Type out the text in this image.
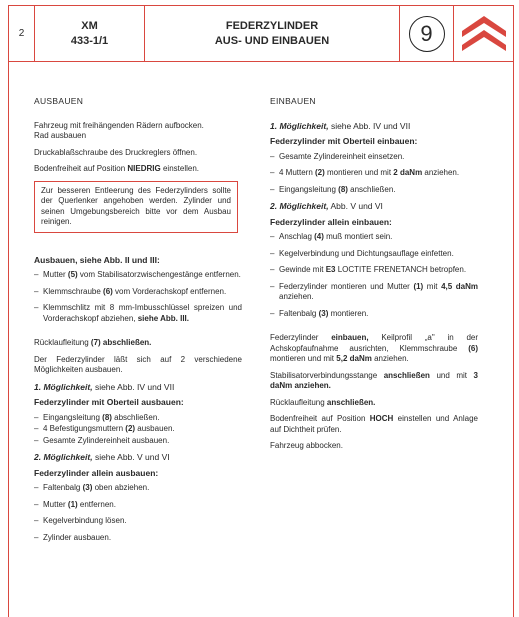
2
XM
433-1/1
FEDERZYLINDER
AUS- UND EINBAUEN	9
AUSBAUEN

Fahrzeug mit freihängenden Rädern aufbocken.
Rad ausbauen

Druckablaßschraube des Druckreglers öffnen.

Bodenfreiheit auf Position NIEDRIG einstellen.

Zur besseren Entleerung des Federzylinders sollte der Querlenker angehoben werden. Zylinder und seinen Umgebungsbereich bitte vor dem Ausbau reinigen.
Ausbauen, siehe Abb. II und III:
– Mutter (5) vom Stabilisatorzwischengestänge entfernen.
– Klemmschraube (6) vom Vorderachskopf entfernen.
– Klemmschlitz mit 8 mm-Imbusschlüssel spreizen und Vorderachskopf abziehen, siehe Abb. III.

Rücklaufleitung (7) abschließen.

Der Federzylinder läßt sich auf 2 verschiedene Möglichkeiten ausbauen.

1. Möglichkeit, siehe Abb. IV und VII
Federzylinder mit Oberteil ausbauen:
– Eingangsleitung (8) abschließen.
– 4 Befestigungsmuttern (2) ausbauen.
– Gesamte Zylindereinheit ausbauen.
2. Möglichkeit, siehe Abb. V und VI
Federzylinder allein ausbauen:
– Faltenbalg (3) oben abziehen.
– Mutter (1) entfernen.
– Kegelverbindung lösen.
– Zylinder ausbauen.
EINBAUEN
1. Möglichkeit, siehe Abb. IV und VII
Federzylinder mit Oberteil einbauen:
– Gesamte Zylindereinheit einsetzen.
– 4 Muttern (2) montieren und mit 2 daNm anziehen.
– Eingangsleitung (8) anschließen.
2. Möglichkeit, Abb. V und VI
Federzylinder allein einbauen:
– Anschlag (4) muß montiert sein.
– Kegelverbindung und Dichtungsauflage einfetten.
– Gewinde mit E3 LOCTITE FRENETANCH betropfen.
– Federzylinder montieren und Mutter (1) mit 4,5 daNm anziehen.
– Faltenbalg (3) montieren.

Federzylinder einbauen, Keilprofil „a" in der Achskopfaufnahme ausrichten, Klemmschraube (6) montieren und mit 5,2 daNm anziehen.

Stabilisatorverbindungsstange anschließen und mit 3 daNm anziehen.

Rücklaufleitung anschließen.

Bodenfreiheit auf Position HOCH einstellen und Anlage auf Dichtheit prüfen.

Fahrzeug abbocken.
